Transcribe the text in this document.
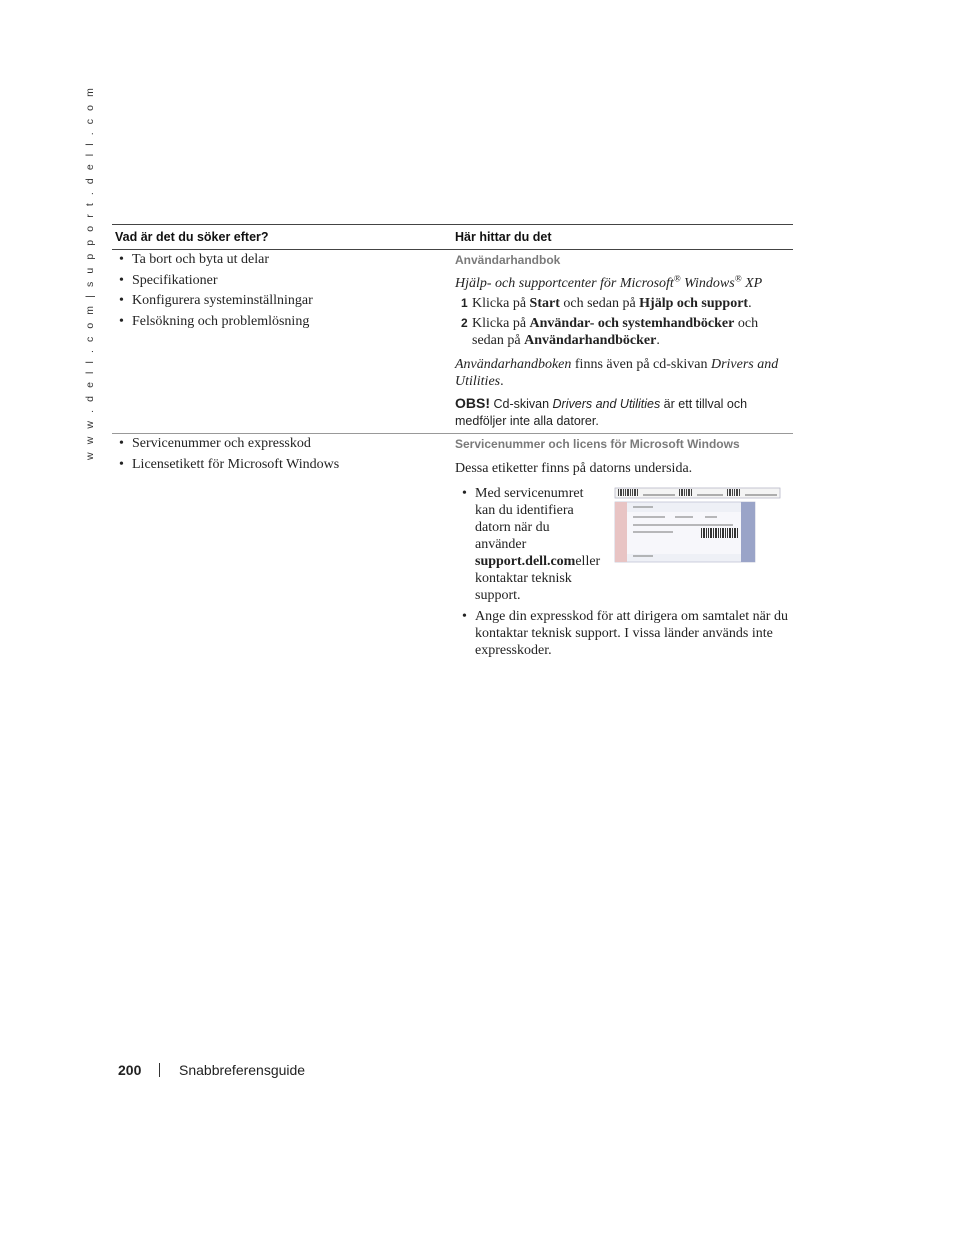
w w w . d e l l . c o m | s u p p o r t . d e l l . c o m Vad är det du söker efter?	Här hittar du det
• Ta bort och byta ut delar
• Specifikationer
• Konfigurera systeminställningar
• Felsökning och problemlösning
Användarhandbok

Hjälp- och supportcenter för Microsoft® Windows® XP

1 Klicka på Start och sedan på Hjälp och support.
2 Klicka på Användar- och systemhandböcker och sedan på Användarhandböcker.

Användarhandboken finns även på cd-skivan Drivers and Utilities.

OBS! Cd-skivan Drivers and Utilities är ett tillval och medföljer inte alla datorer.
• Servicenummer och expresskod
• Licensetikett för Microsoft Windows
Servicenummer och licens för Microsoft Windows

Dessa etiketter finns på datorns undersida.

• Med servicenumret kan du identifiera datorn när du använder support.dell.comeller kontaktar teknisk support.
• Ange din expresskod för att dirigera om samtalet när du kontaktar teknisk support. I vissa länder används inte expresskoder.
200	Snabbreferensguide
